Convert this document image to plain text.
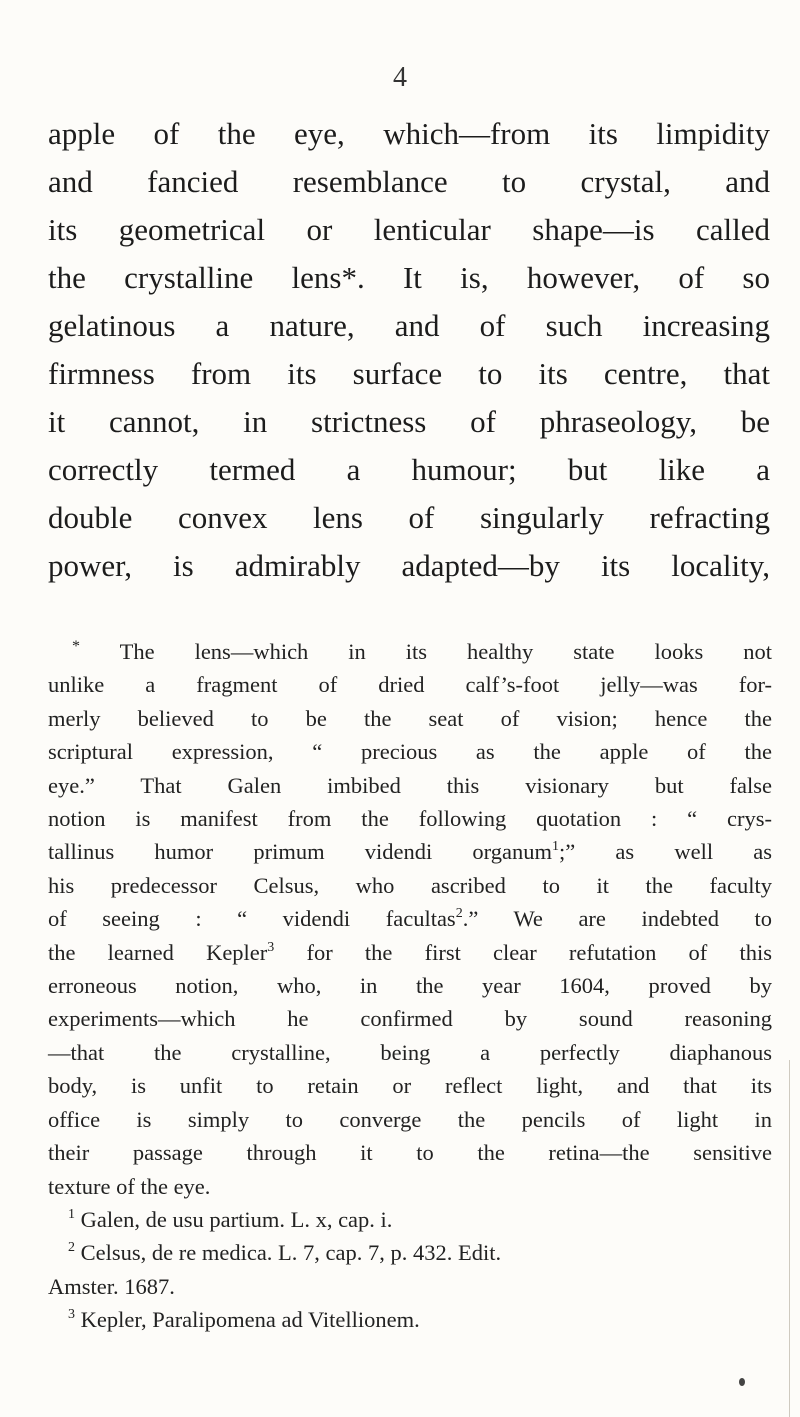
4
apple of the eye, which—from its limpidity
and fancied resemblance to crystal, and
its geometrical or lenticular shape—is called
the crystalline lens*. It is, however, of so
gelatinous a nature, and of such increasing
firmness from its surface to its centre, that
it cannot, in strictness of phraseology, be
correctly termed a humour; but like a
double convex lens of singularly refracting
power, is admirably adapted—by its locality,
* The lens—which in its healthy state looks not
unlike a fragment of dried calf’s-foot jelly—was for-
merly believed to be the seat of vision; hence the
scriptural expression, “ precious as the apple of the
eye.” That Galen imbibed this visionary but false
notion is manifest from the following quotation : “ crys-
tallinus humor primum videndi organum$^1$;” as well as
his predecessor Celsus, who ascribed to it the faculty
of seeing : “ videndi facultas$^2$.” We are indebted to
the learned Kepler$^3$ for the first clear refutation of this
erroneous notion, who, in the year 1604, proved by
experiments—which he confirmed by sound reasoning
—that the crystalline, being a perfectly diaphanous
body, is unfit to retain or reflect light, and that its
office is simply to converge the pencils of light in
their passage through it to the retina—the sensitive
texture of the eye.
$^1$ Galen, de usu partium. L. x, cap. i.
$^2$ Celsus, de re medica. L. 7, cap. 7, p. 432. Edit.
Amster. 1687.
$^3$ Kepler, Paralipomena ad Vitellionem.
